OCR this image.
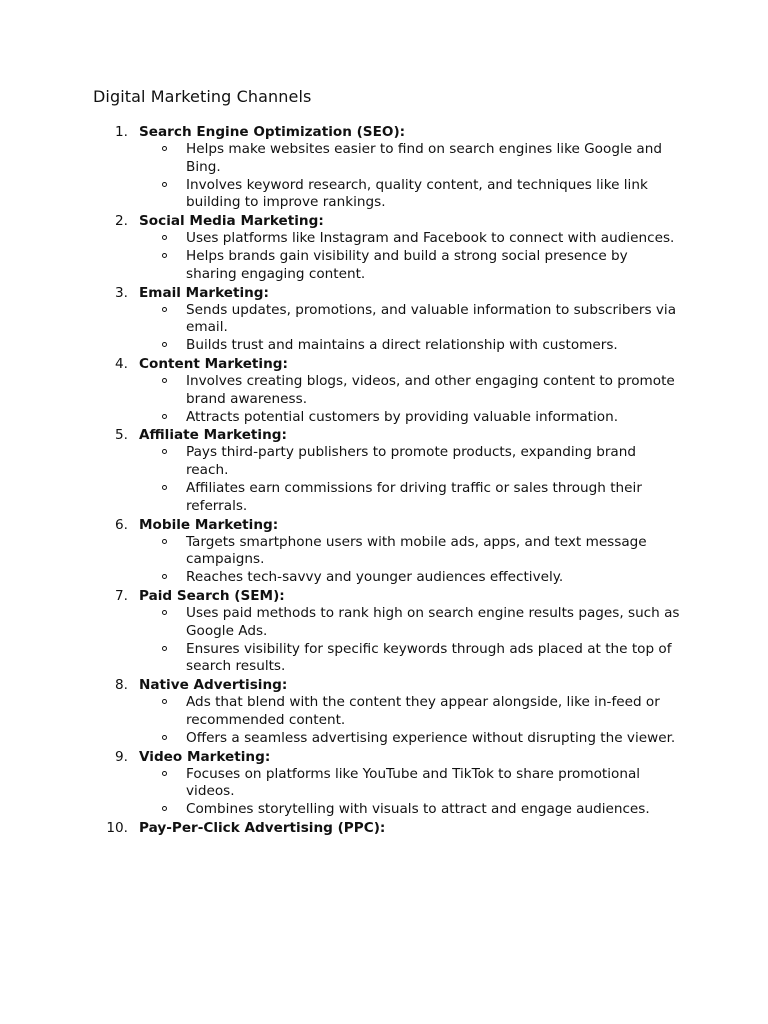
Digital Marketing Channels
1. Search Engine Optimization (SEO):
Helps make websites easier to find on search engines like Google and Bing.
Involves keyword research, quality content, and techniques like link building to improve rankings.
2. Social Media Marketing:
Uses platforms like Instagram and Facebook to connect with audiences.
Helps brands gain visibility and build a strong social presence by sharing engaging content.
3. Email Marketing:
Sends updates, promotions, and valuable information to subscribers via email.
Builds trust and maintains a direct relationship with customers.
4. Content Marketing:
Involves creating blogs, videos, and other engaging content to promote brand awareness.
Attracts potential customers by providing valuable information.
5. Affiliate Marketing:
Pays third-party publishers to promote products, expanding brand reach.
Affiliates earn commissions for driving traffic or sales through their referrals.
6. Mobile Marketing:
Targets smartphone users with mobile ads, apps, and text message campaigns.
Reaches tech-savvy and younger audiences effectively.
7. Paid Search (SEM):
Uses paid methods to rank high on search engine results pages, such as Google Ads.
Ensures visibility for specific keywords through ads placed at the top of search results.
8. Native Advertising:
Ads that blend with the content they appear alongside, like in-feed or recommended content.
Offers a seamless advertising experience without disrupting the viewer.
9. Video Marketing:
Focuses on platforms like YouTube and TikTok to share promotional videos.
Combines storytelling with visuals to attract and engage audiences.
10. Pay-Per-Click Advertising (PPC):
